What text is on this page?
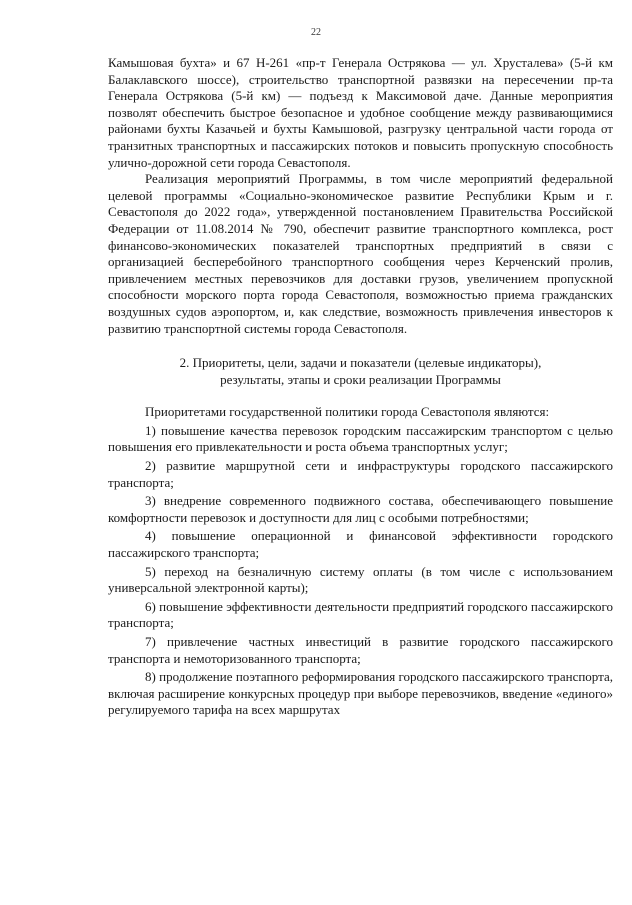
22

Камышовая бухта» и 67 Н-261 «пр-т Генерала Острякова — ул. Хрусталева» (5-й км Балаклавского шоссе), строительство транспортной развязки на пересечении пр-та Генерала Острякова (5-й км) — подъезд к Максимовой даче. Данные мероприятия позволят обеспечить быстрое безопасное и удобное сообщение между развивающимися районами бухты Казачьей и бухты Камышовой, разгрузку центральной части города от транзитных транспортных и пассажирских потоков и повысить пропускную способность улично-дорожной сети города Севастополя.

Реализация мероприятий Программы, в том числе мероприятий федеральной целевой программы «Социально-экономическое развитие Республики Крым и г. Севастополя до 2022 года», утвержденной постановлением Правительства Российской Федерации от 11.08.2014 № 790, обеспечит развитие транспортного комплекса, рост финансово-экономических показателей транспортных предприятий в связи с организацией бесперебойного транспортного сообщения через Керченский пролив, привлечением местных перевозчиков для доставки грузов, увеличением пропускной способности морского порта города Севастополя, возможностью приема гражданских воздушных судов аэропортом, и, как следствие, возможность привлечения инвесторов к развитию транспортной системы города Севастополя.

2. Приоритеты, цели, задачи и показатели (целевые индикаторы),
результаты, этапы и сроки реализации Программы

Приоритетами государственной политики города Севастополя являются:

1) повышение качества перевозок городским пассажирским транспортом с целью повышения его привлекательности и роста объема транспортных услуг;

2) развитие маршрутной сети и инфраструктуры городского пассажирского транспорта;

3) внедрение современного подвижного состава, обеспечивающего повышение комфортности перевозок и доступности для лиц с особыми потребностями;

4) повышение операционной и финансовой эффективности городского пассажирского транспорта;

5) переход на безналичную систему оплаты (в том числе с использованием универсальной электронной карты);

6) повышение эффективности деятельности предприятий городского пассажирского транспорта;

7) привлечение частных инвестиций в развитие городского пассажирского транспорта и немоторизованного транспорта;

8) продолжение поэтапного реформирования городского пассажирского транспорта, включая расширение конкурсных процедур при выборе перевозчиков, введение «единого» регулируемого тарифа на всех маршрутах
